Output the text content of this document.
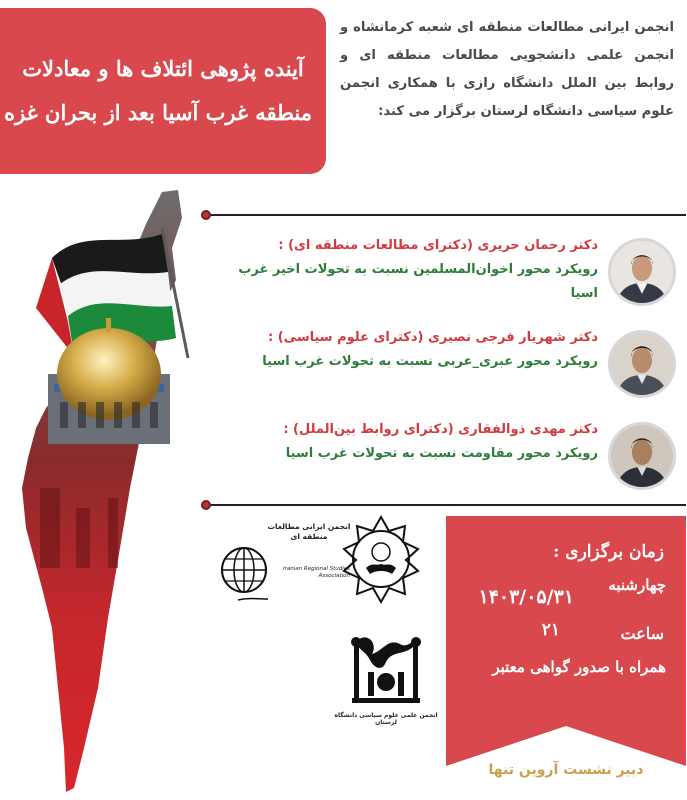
آینده پژوهی ائتلاف ها و معادلات
منطقه غرب آسیا بعد از بحران غزه
انجمن ایرانی مطالعات منطقه ای شعبه کرمانشاه و انجمن علمی دانشجویی مطالعات منطقه ای و روابط بین الملل دانشگاه رازی با همکاری انجمن علوم سیاسی دانشگاه لرستان برگزار می کند:
دکتر رحمان حریری (دکترای مطالعات منطقه ای) :
رویکرد محور اخوان‌المسلمین نسبت به تحولات اخیر غرب اسیا
دکتر شهریار فرجی نصیری (دکترای علوم سیاسی) :
رویکرد محور عبری_عربی نسبت به تحولات غرب اسیا
دکتر مهدی ذوالفقاری (دکترای روابط بین‌الملل) :
رویکرد محور مقاومت نسبت به تحولات غرب اسیا
انجمن ایرانی مطالعات منطقه ای
Iranian Regional Studies Association
انجمن علمی علوم سیاسی دانشگاه لرستان
زمان برگزاری :
چهارشنبه
۱۴۰۳/۰۵/۳۱
ساعت
۲۱
همراه با صدور گواهی معتبر
دبیر نشست آروین تنها
